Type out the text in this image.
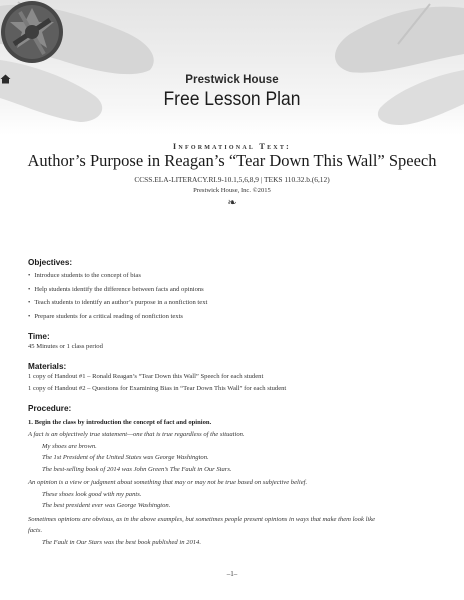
Prestwick House
Free Lesson Plan
Informational Text:
Author’s Purpose in Reagan’s “Tear Down This Wall” Speech
CCSS.ELA-LITERACY.RI.9-10.1,5,6,8,9 | TEKS 110.32.b.(6,12)
Prestwick House, Inc. ©2015
❧
Objectives:
• Introduce students to the concept of bias
• Help students identify the difference between facts and opinions
• Teach students to identify an author’s purpose in a nonfiction text
• Prepare students for a critical reading of nonfiction texts
Time:

45 Minutes or 1 class period

Materials:

1 copy of Handout #1 – Ronald Reagan’s “Tear Down this Wall” Speech for each student

1 copy of Handout #2 – Questions for Examining Bias in “Tear Down This Wall” for each student

Procedure:

1. Begin the class by introduction the concept of fact and opinion.

A fact is an objectively true statement—one that is true regardless of the situation.

My shoes are brown.

The 1st President of the United States was George Washington.

The best-selling book of 2014 was John Green’s The Fault in Our Stars.

An opinion is a view or judgment about something that may or may not be true based on subjective belief.

These shoes look good with my pants.

The best president ever was George Washington.

Sometimes opinions are obvious, as in the above examples, but sometimes people present opinions in ways that make them look like

facts.

The Fault in Our Stars was the best book published in 2014.

–1–
